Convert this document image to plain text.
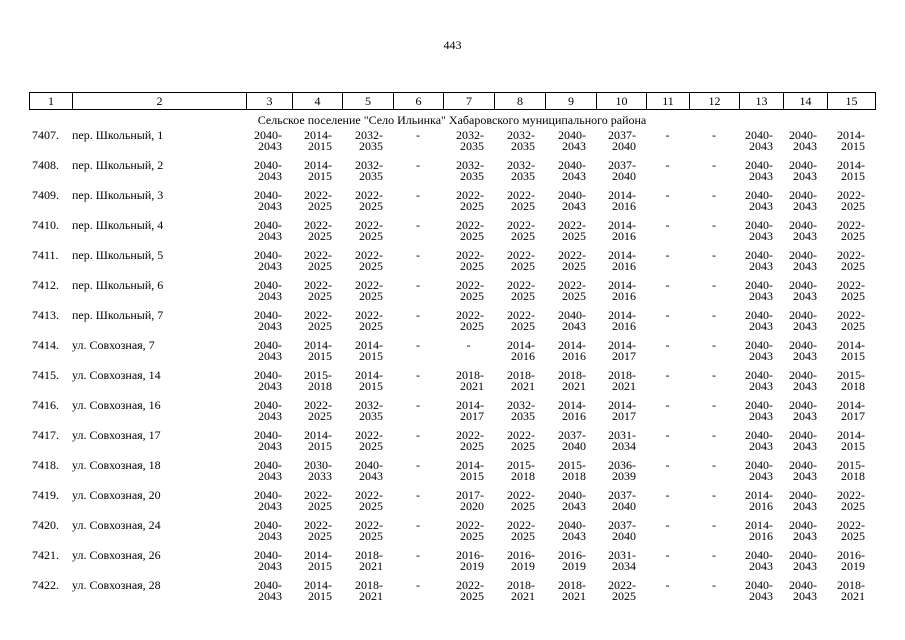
443
1	2	3	4	5	6	7	8	9	10	11	12	13	14	15
Сельское поселение "Село Ильинка" Хабаровского муниципального района
7407.	пер. Школьный, 1	2040-
2043	2014-
2015	2032-
2035	-	2032-
2035	2032-
2035	2040-
2043	2037-
2040	-	-	2040-
2043	2040-
2043	2014-
2015

7408.	пер. Школьный, 2	2040-
2043	2014-
2015	2032-
2035	-	2032-
2035	2032-
2035	2040-
2043	2037-
2040	-	-	2040-
2043	2040-
2043	2014-
2015

7409.	пер. Школьный, 3	2040-
2043	2022-
2025	2022-
2025	-	2022-
2025	2022-
2025	2040-
2043	2014-
2016	-	-	2040-
2043	2040-
2043	2022-
2025

7410.	пер. Школьный, 4	2040-
2043	2022-
2025	2022-
2025	-	2022-
2025	2022-
2025	2022-
2025	2014-
2016	-	-	2040-
2043	2040-
2043	2022-
2025

7411.	пер. Школьный, 5	2040-
2043	2022-
2025	2022-
2025	-	2022-
2025	2022-
2025	2022-
2025	2014-
2016	-	-	2040-
2043	2040-
2043	2022-
2025

7412.	пер. Школьный, 6	2040-
2043	2022-
2025	2022-
2025	-	2022-
2025	2022-
2025	2022-
2025	2014-
2016	-	-	2040-
2043	2040-
2043	2022-
2025

7413.	пер. Школьный, 7	2040-
2043	2022-
2025	2022-
2025	-	2022-
2025	2022-
2025	2040-
2043	2014-
2016	-	-	2040-
2043	2040-
2043	2022-
2025

7414.	ул. Совхозная, 7	2040-
2043	2014-
2015	2014-
2015	-	-	2014-
2016	2014-
2016	2014-
2017	-	-	2040-
2043	2040-
2043	2014-
2015

7415.	ул. Совхозная, 14	2040-
2043	2015-
2018	2014-
2015	-	2018-
2021	2018-
2021	2018-
2021	2018-
2021	-	-	2040-
2043	2040-
2043	2015-
2018

7416.	ул. Совхозная, 16	2040-
2043	2022-
2025	2032-
2035	-	2014-
2017	2032-
2035	2014-
2016	2014-
2017	-	-	2040-
2043	2040-
2043	2014-
2017

7417.	ул. Совхозная, 17	2040-
2043	2014-
2015	2022-
2025	-	2022-
2025	2022-
2025	2037-
2040	2031-
2034	-	-	2040-
2043	2040-
2043	2014-
2015

7418.	ул. Совхозная, 18	2040-
2043	2030-
2033	2040-
2043	-	2014-
2015	2015-
2018	2015-
2018	2036-
2039	-	-	2040-
2043	2040-
2043	2015-
2018

7419.	ул. Совхозная, 20	2040-
2043	2022-
2025	2022-
2025	-	2017-
2020	2022-
2025	2040-
2043	2037-
2040	-	-	2014-
2016	2040-
2043	2022-
2025

7420.	ул. Совхозная, 24	2040-
2043	2022-
2025	2022-
2025	-	2022-
2025	2022-
2025	2040-
2043	2037-
2040	-	-	2014-
2016	2040-
2043	2022-
2025

7421.	ул. Совхозная, 26	2040-
2043	2014-
2015	2018-
2021	-	2016-
2019	2016-
2019	2016-
2019	2031-
2034	-	-	2040-
2043	2040-
2043	2016-
2019

7422.	ул. Совхозная, 28	2040-
2043	2014-
2015	2018-
2021	-	2022-
2025	2018-
2021	2018-
2021	2022-
2025	-	-	2040-
2043	2040-
2043	2018-
2021
